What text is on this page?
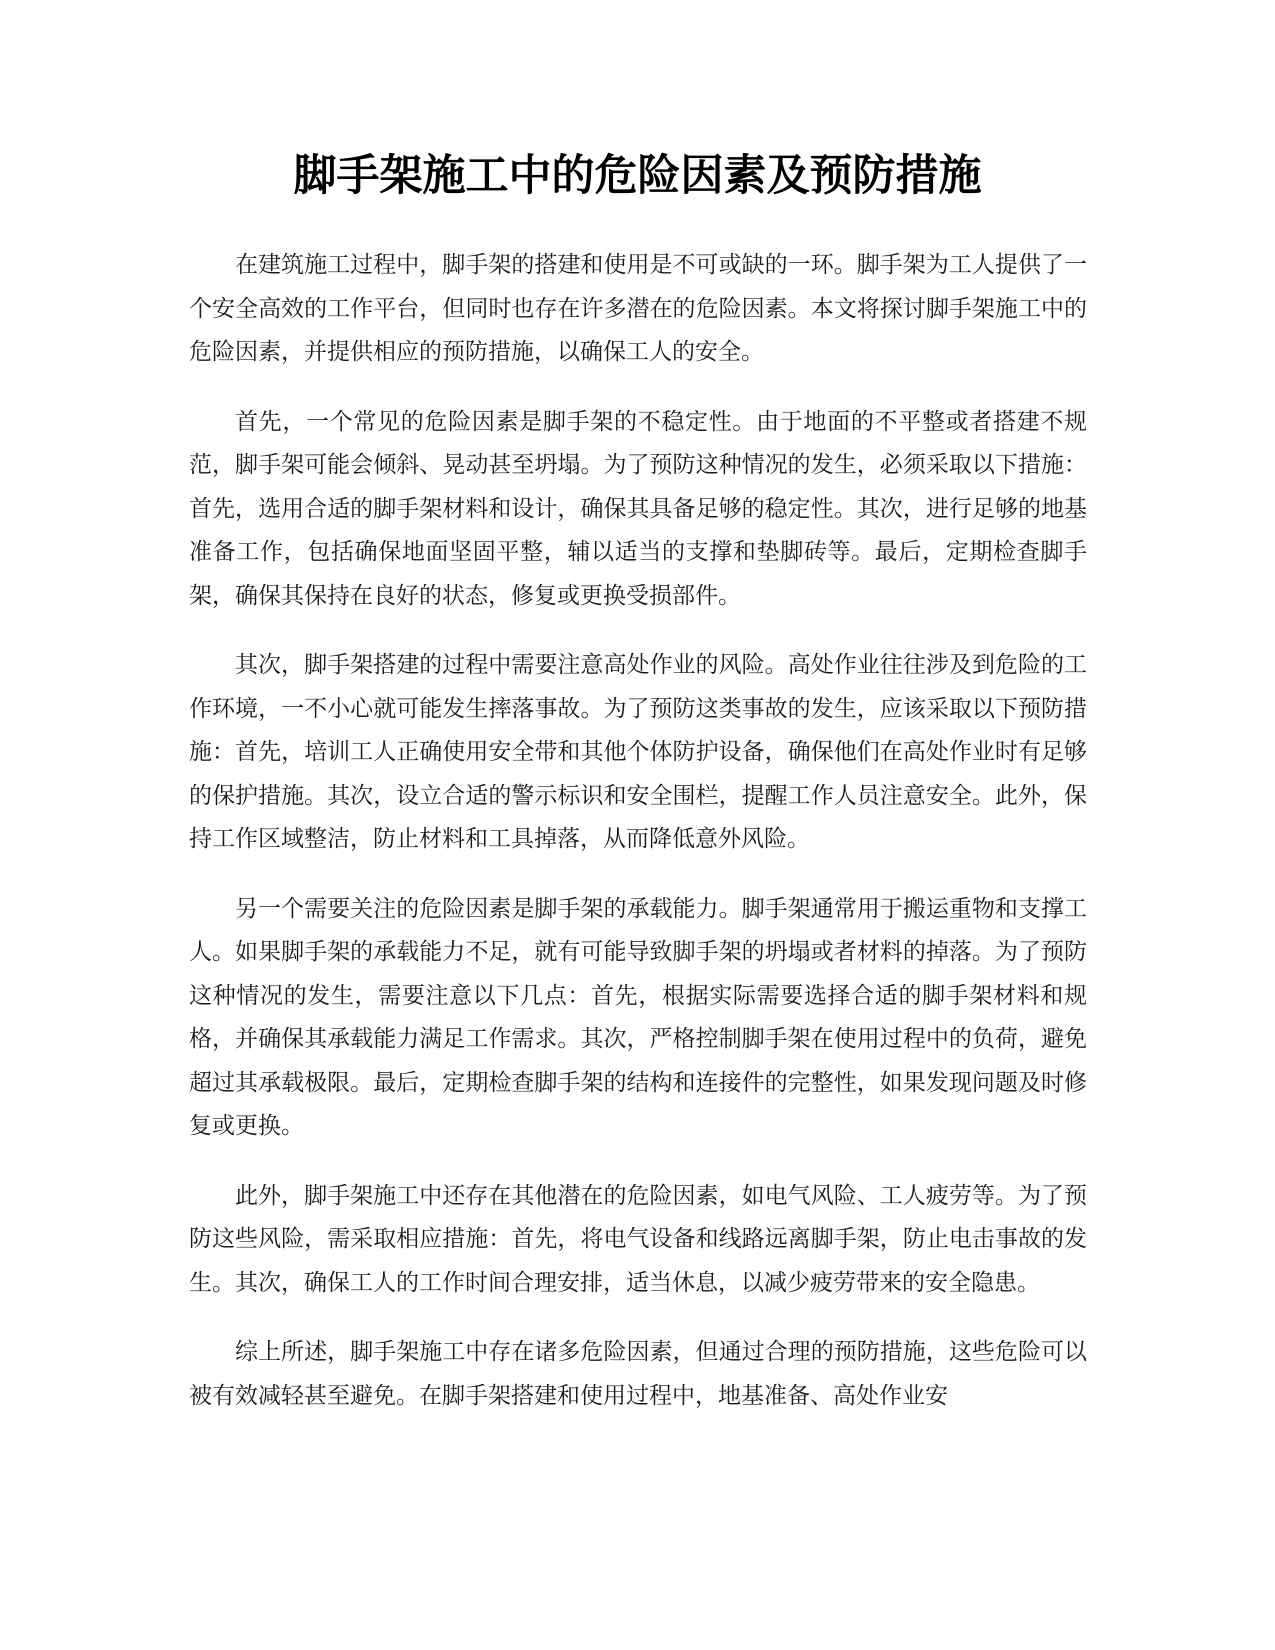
脚手架施工中的危险因素及预防措施

在建筑施工过程中，脚手架的搭建和使用是不可或缺的一环。脚手架为工人提供了一个安全高效的工作平台，但同时也存在许多潜在的危险因素。本文将探讨脚手架施工中的危险因素，并提供相应的预防措施，以确保工人的安全。

首先，一个常见的危险因素是脚手架的不稳定性。由于地面的不平整或者搭建不规范，脚手架可能会倾斜、晃动甚至坍塌。为了预防这种情况的发生，必须采取以下措施：首先，选用合适的脚手架材料和设计，确保其具备足够的稳定性。其次，进行足够的地基准备工作，包括确保地面坚固平整，辅以适当的支撑和垫脚砖等。最后，定期检查脚手架，确保其保持在良好的状态，修复或更换受损部件。

其次，脚手架搭建的过程中需要注意高处作业的风险。高处作业往往涉及到危险的工作环境，一不小心就可能发生摔落事故。为了预防这类事故的发生，应该采取以下预防措施：首先，培训工人正确使用安全带和其他个体防护设备，确保他们在高处作业时有足够的保护措施。其次，设立合适的警示标识和安全围栏，提醒工作人员注意安全。此外，保持工作区域整洁，防止材料和工具掉落，从而降低意外风险。

另一个需要关注的危险因素是脚手架的承载能力。脚手架通常用于搬运重物和支撑工人。如果脚手架的承载能力不足，就有可能导致脚手架的坍塌或者材料的掉落。为了预防这种情况的发生，需要注意以下几点：首先，根据实际需要选择合适的脚手架材料和规格，并确保其承载能力满足工作需求。其次，严格控制脚手架在使用过程中的负荷，避免超过其承载极限。最后，定期检查脚手架的结构和连接件的完整性，如果发现问题及时修复或更换。

此外，脚手架施工中还存在其他潜在的危险因素，如电气风险、工人疲劳等。为了预防这些风险，需采取相应措施：首先，将电气设备和线路远离脚手架，防止电击事故的发生。其次，确保工人的工作时间合理安排，适当休息，以减少疲劳带来的安全隐患。

综上所述，脚手架施工中存在诸多危险因素，但通过合理的预防措施，这些危险可以被有效减轻甚至避免。在脚手架搭建和使用过程中，地基准备、高处作业安
